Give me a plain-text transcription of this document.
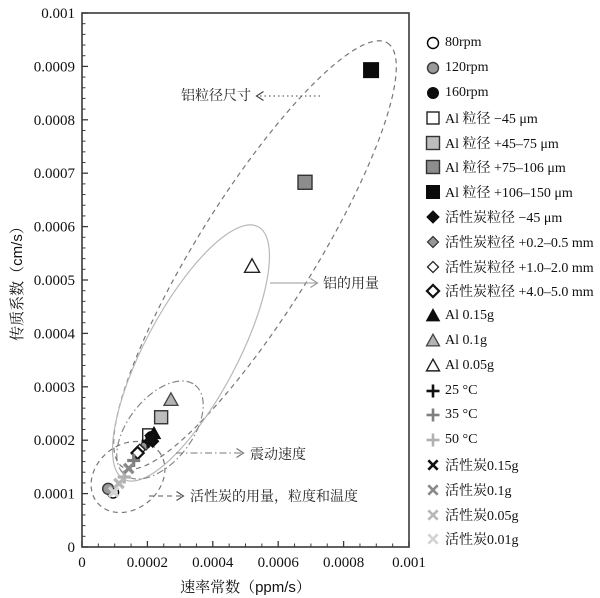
0	0.0002 0.0004 0.0006 0.0008 0.001
0
0.0001
0.0002
0.0003
0.0004
0.0005
0.0006
0.0007
0.0008
0.0009
0.001
速率常数（ppm/s）
传质系数（cm/s）
铝粒径尺寸
铝的用量
震动速度
活性炭的用量，粒度和温度
80rpm
120rpm
160rpm
Al 粒径 −45 μm
Al 粒径 +45–75 μm
Al 粒径 +75–106 μm
Al 粒径 +106–150 μm
活性炭粒径 −45 μm
活性炭粒径 +0.2–0.5 mm
活性炭粒径 +1.0–2.0 mm
活性炭粒径 +4.0–5.0 mm
Al 0.15g
Al 0.1g
Al 0.05g
25 °C
35 °C
50 °C
活性炭0.15g
活性炭0.1g
活性炭0.05g
活性炭0.01g
